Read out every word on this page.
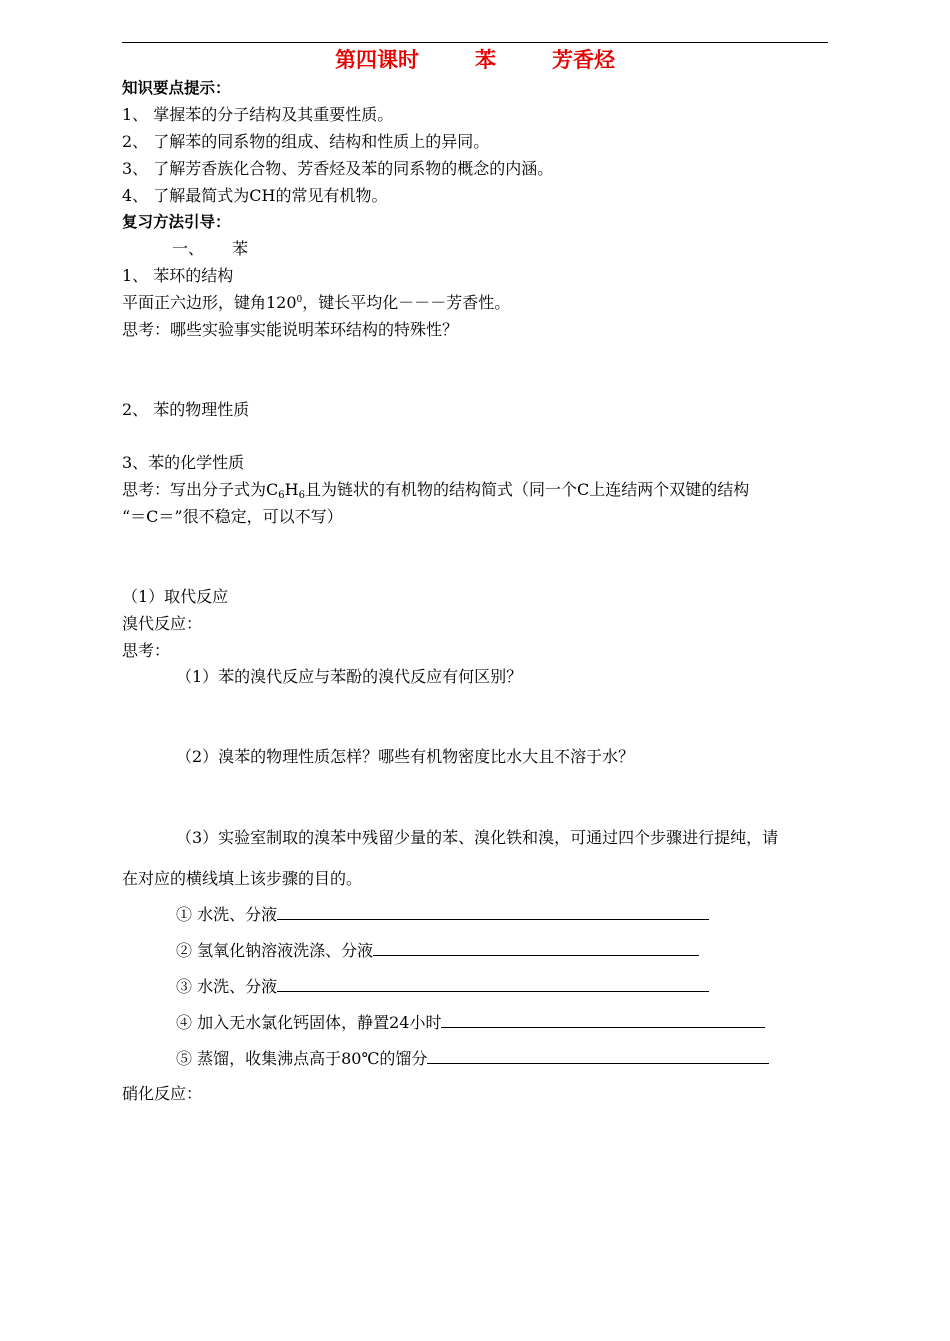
第四课时	苯	芳香烃
知识要点提示：
1、 掌握苯的分子结构及其重要性质。
2、 了解苯的同系物的组成、结构和性质上的异同。
3、 了解芳香族化合物、芳香烃及苯的同系物的概念的内涵。
4、 了解最简式为CH的常见有机物。
复习方法引导：
一、 苯
1、 苯环的结构
平面正六边形，键角$120^0$，键长平均化－－－芳香性。
思考：哪些实验事实能说明苯环结构的特殊性？
2、 苯的物理性质
3、苯的化学性质
思考：写出分子式为$C_6H_6$且为链状的有机物的结构简式（同一个C上连结两个双键的结构
“＝C＝”很不稳定，可以不写）
（1）取代反应
溴代反应：
思考：
（1）苯的溴代反应与苯酚的溴代反应有何区别？
（2）溴苯的物理性质怎样？哪些有机物密度比水大且不溶于水？
（3）实验室制取的溴苯中残留少量的苯、溴化铁和溴，可通过四个步骤进行提纯，请
在对应的横线填上该步骤的目的。
① 水洗、分液
② 氢氧化钠溶液洗涤、分液
③ 水洗、分液
④ 加入无水氯化钙固体，静置24小时
⑤ 蒸馏，收集沸点高于80℃的馏分
硝化反应：
